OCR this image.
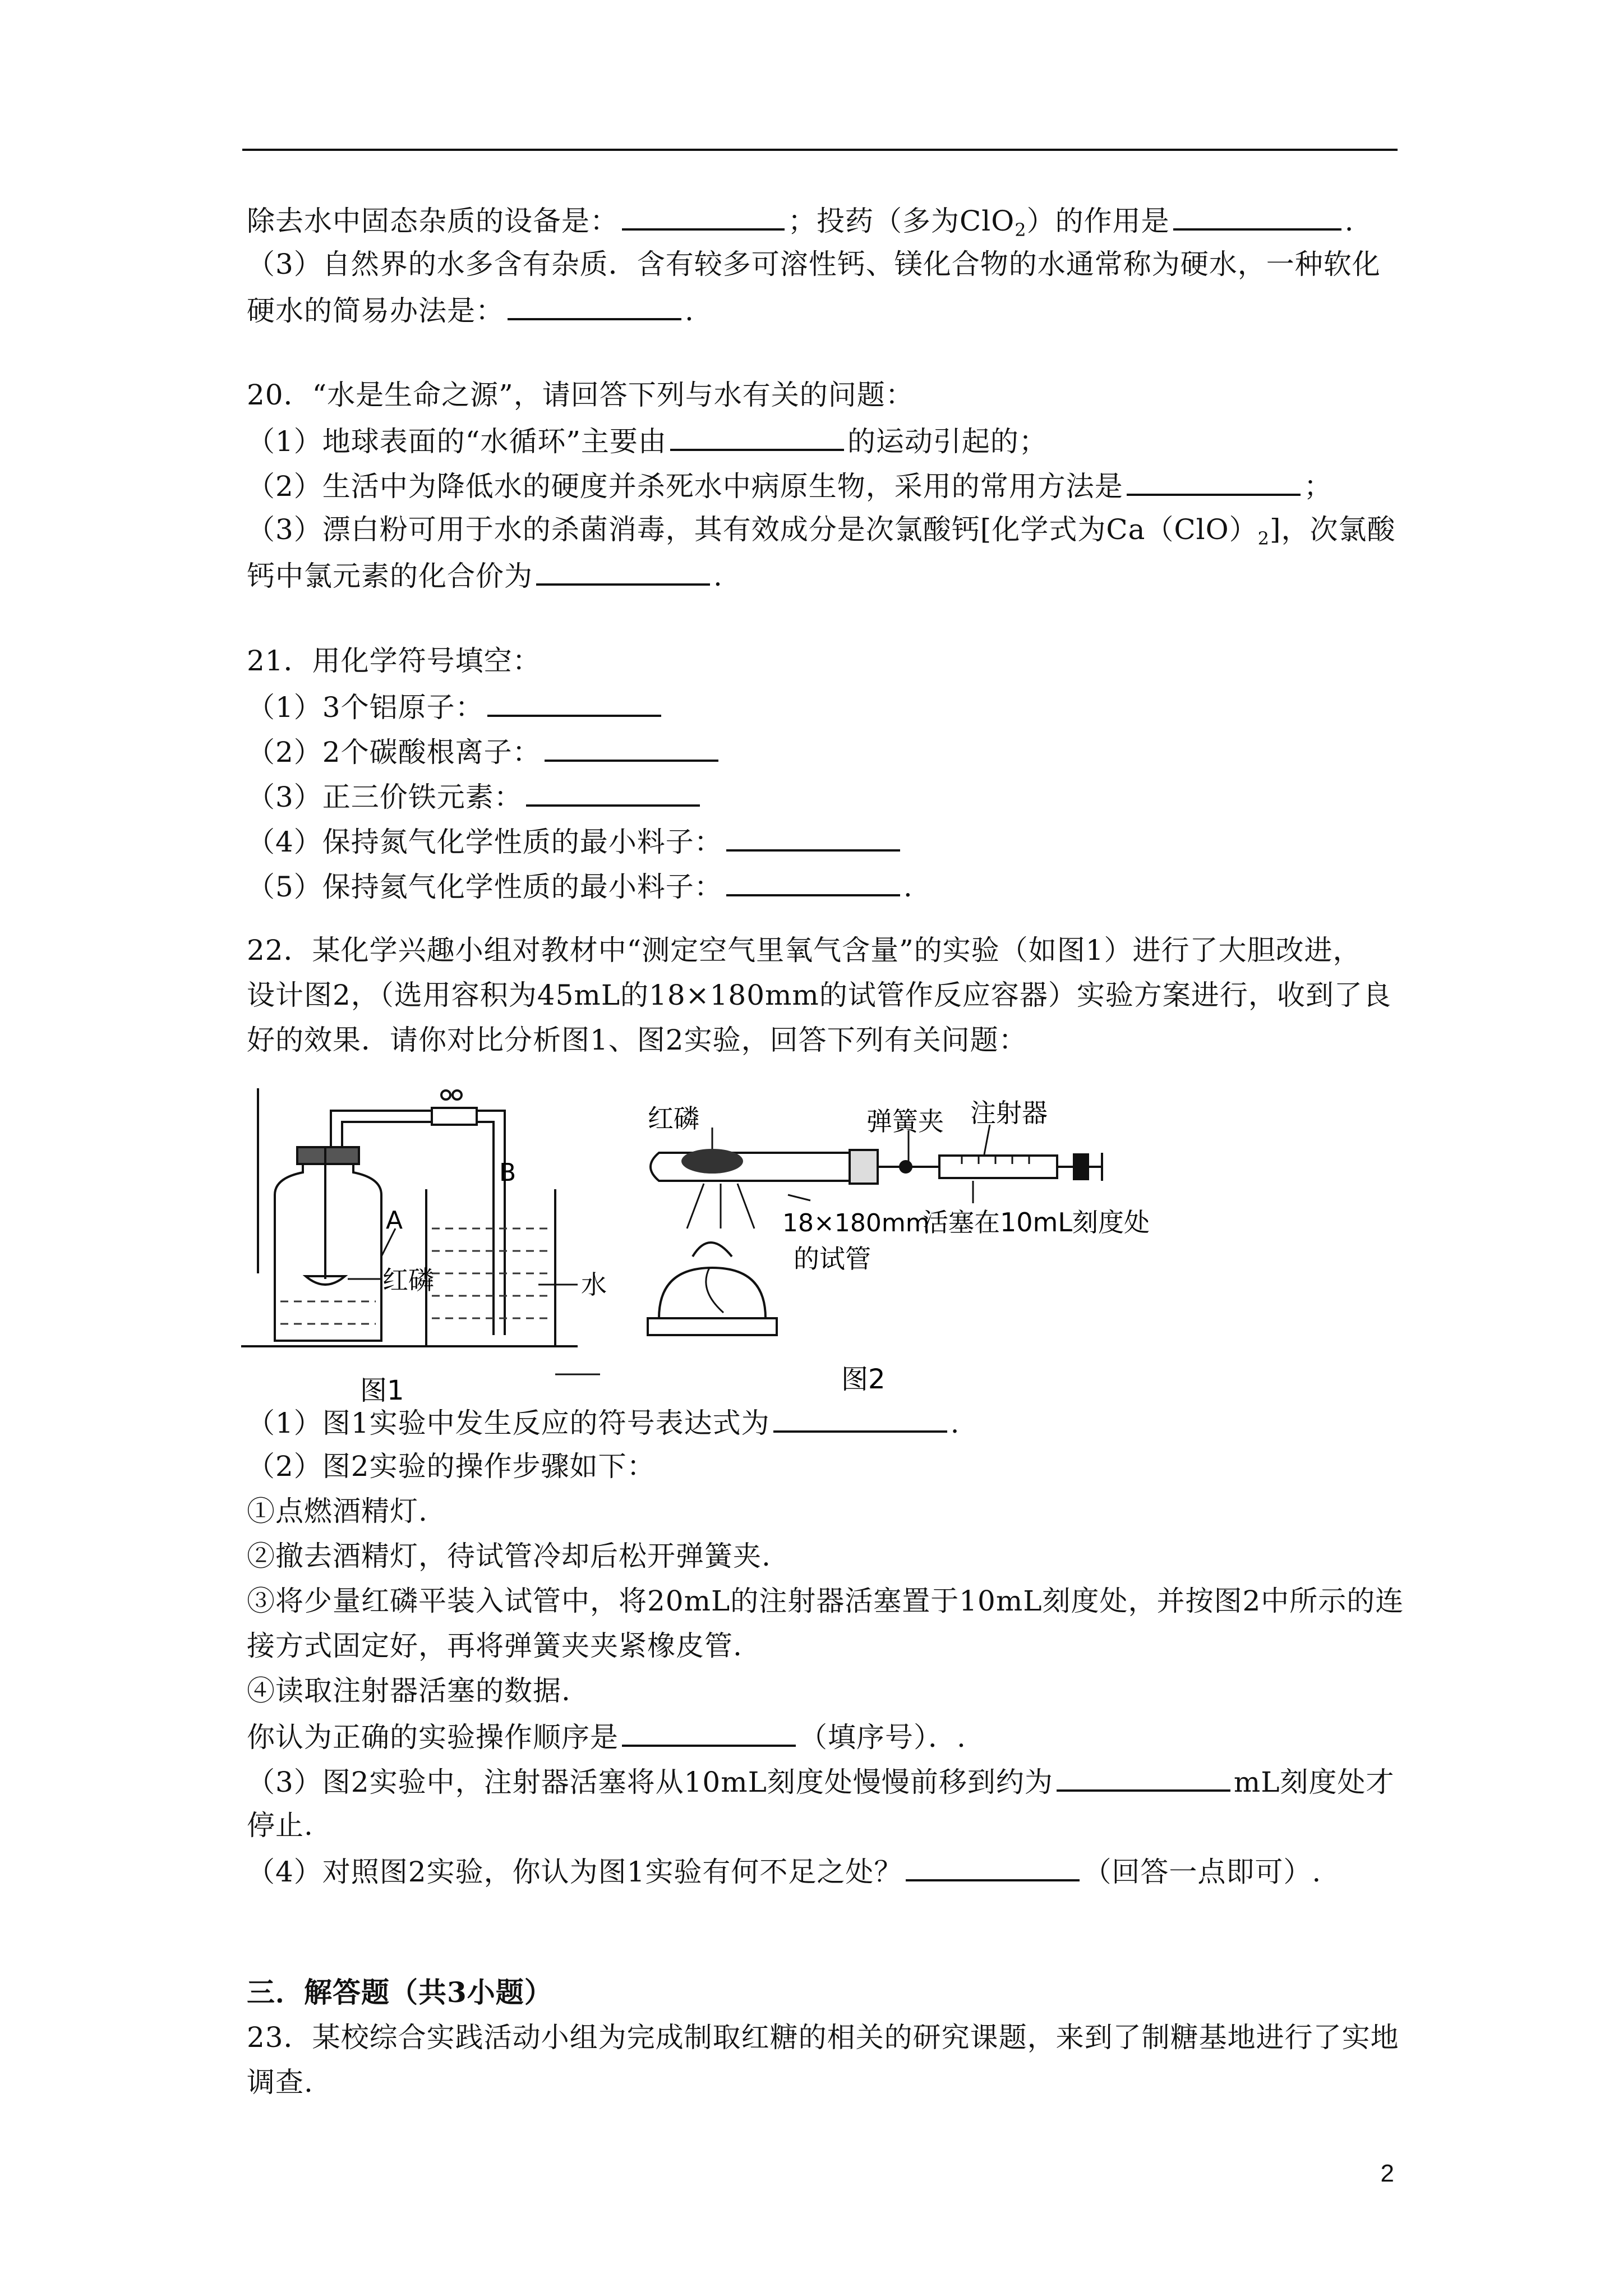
除去水中固态杂质的设备是：	；投药（多为ClO$_2$）的作用是	.
（3）自然界的水多含有杂质．含有较多可溶性钙、镁化合物的水通常称为硬水，一种软化
硬水的简易办法是：	.
20．“水是生命之源”，请回答下列与水有关的问题：
（1）地球表面的“水循环”主要由	的运动引起的；
（2）生活中为降低水的硬度并杀死水中病原生物，采用的常用方法是	；
（3）漂白粉可用于水的杀菌消毒，其有效成分是次氯酸钙[化学式为$Ca(ClO)_2$]，次氯酸
钙中氯元素的化合价为	.
21．用化学符号填空：
（1）3个铝原子：
（2）2个碳酸根离子：
（3）正三价铁元素：
（4）保持氮气化学性质的最小料子：
（5）保持氦气化学性质的最小料子：	.
22．某化学兴趣小组对教材中“测定空气里氧气含量”的实验（如图1）进行了大胆改进，
设计图2，（选用容积为45mL的18×180mm的试管作反应容器）实验方案进行，收到了良
好的效果．请你对比分析图1、图2实验，回答下列有关问题：
（1）图1实验中发生反应的符号表达式为	.
（2）图2实验的操作步骤如下：
①点燃酒精灯.
②撤去酒精灯，待试管冷却后松开弹簧夹.
③将少量红磷平装入试管中，将20mL的注射器活塞置于10mL刻度处，并按图2中所示的连
接方式固定好，再将弹簧夹夹紧橡皮管.
④读取注射器活塞的数据.
你认为正确的实验操作顺序是	（填序号）．.
（3）图2实验中，注射器活塞将从10mL刻度处慢慢前移到约为	mL刻度处才
停止.
（4）对照图2实验，你认为图1实验有何不足之处？	（回答一点即可）.
三．解答题（共3小题）
23．某校综合实践活动小组为完成制取红糖的相关的研究课题，来到了制糖基地进行了实地
调查.
A
B
红磷	水
图1
红磷	弹簧夹 注射器
18×180mm
的试管
活塞在10mL刻度处
图2
2
